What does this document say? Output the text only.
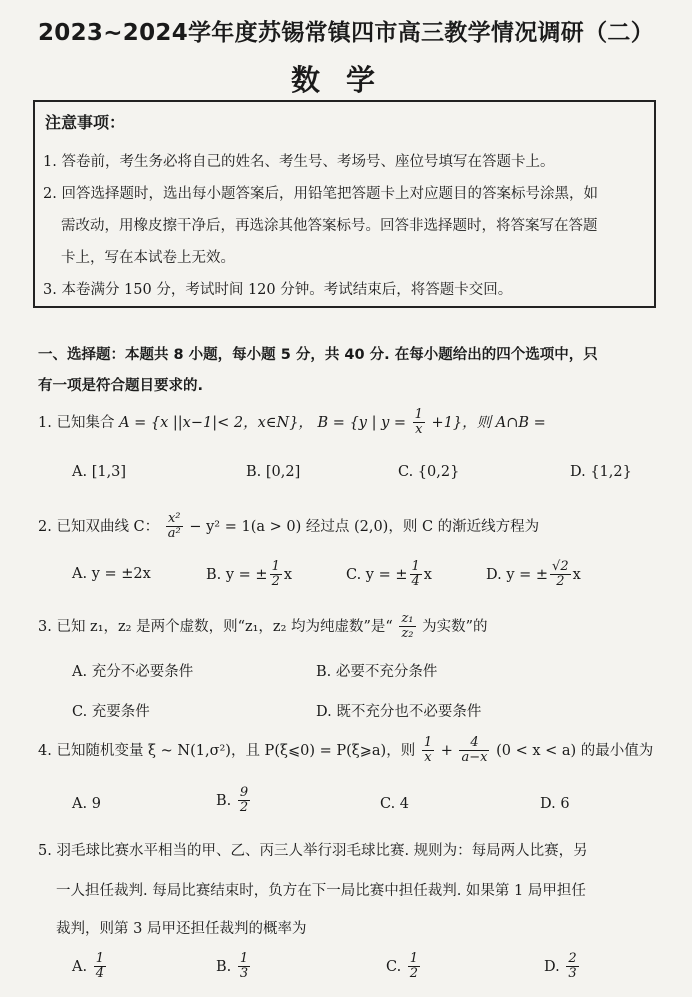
2023~2024学年度苏锡常镇四市高三教学情况调研（二）
数学
注意事项：
1. 答卷前，考生务必将自己的姓名、考生号、考场号、座位号填写在答题卡上。
2. 回答选择题时，选出每小题答案后，用铅笔把答题卡上对应题目的答案标号涂黑，如
需改动，用橡皮擦干净后，再选涂其他答案标号。回答非选择题时，将答案写在答题
卡上，写在本试卷上无效。
3. 本卷满分 150 分，考试时间 120 分钟。考试结束后，将答题卡交回。
一、选择题：本题共 8 小题，每小题 5 分，共 40 分. 在每小题给出的四个选项中，只
有一项是符合题目要求的.
1. 已知集合 A = {x ||x−1|< 2，x∈N}， B = {y | $y = \frac{1}{x} +1$}，则 A∩B =
A. [1,3]	B. [0,2]	C. {0,2}	D. {1,2}
2. 已知双曲线 C： $\frac{\text{x²}}{\text{a²}} - y^2 = 1(a > 0)$ 经过点 (2,0)，则 C 的渐近线方程为
A. y = ±2x	B. y = ± $\frac{1}{2}$ x	C. y = ± $\frac{1}{4}$ x	D. y = ± $\frac{√2}{2}$ x
3. 已知 z₁，z₂ 是两个虚数，则“z₁，z₂ 均为纯虚数”是“ $\frac{\text{z₁}}{\text{z₂}}$ 为实数”的
A. 充分不必要条件	B. 必要不充分条件
C. 充要条件	D. 既不充分也不必要条件
4. 已知随机变量 ξ ~ N(1,σ²)，且 P(ξ⩽0) = P(ξ⩾a)，则 $\frac{1}{x} + \frac{4}{a-x} (0 < x < a)$ 的最小值为
A. 9	B. $\frac{9}{2}$	C. 4	D. 6
5. 羽毛球比赛水平相当的甲、乙、丙三人举行羽毛球比赛. 规则为：每局两人比赛，另
一人担任裁判. 每局比赛结束时，负方在下一局比赛中担任裁判. 如果第 1 局甲担任
裁判，则第 3 局甲还担任裁判的概率为
A. $\frac{1}{4}$	B. $\frac{1}{3}$	C. $\frac{1}{2}$	D. $\frac{2}{3}$
